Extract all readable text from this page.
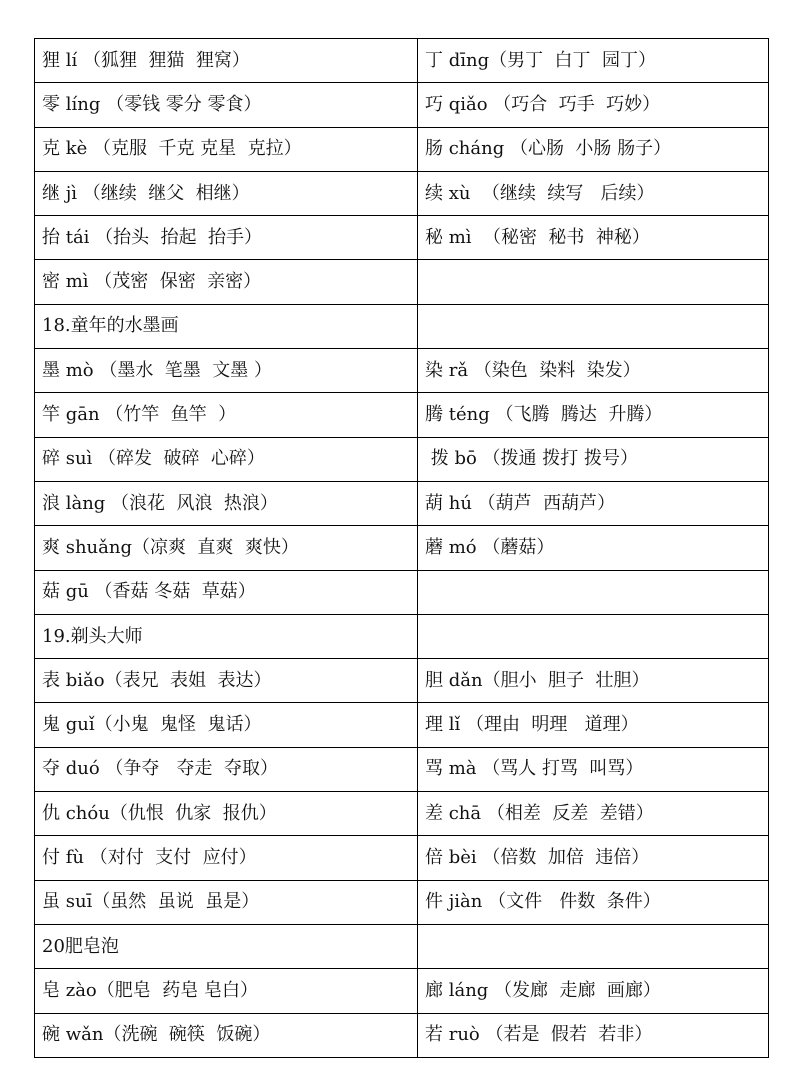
狸 lí （狐狸  狸猫  狸窝）	丁 dīng（男丁  白丁  园丁）
零 líng （零钱 零分 零食）	巧 qiǎo （巧合  巧手  巧妙）
克 kè （克服  千克 克星  克拉）	肠 cháng （心肠  小肠 肠子）
继 jì （继续  继父  相继）	续 xù  （继续  续写   后续）
抬 tái （抬头  抬起  抬手）	秘 mì  （秘密  秘书  神秘）
密 mì （茂密  保密  亲密）	
18.童年的水墨画	
墨 mò （墨水  笔墨  文墨 ）	染 rǎ （染色  染料  染发）
竿 gān （竹竿  鱼竿  ）	腾 téng （飞腾  腾达  升腾）
碎 suì （碎发  破碎  心碎）	拨 bō （拨通 拨打 拨号）
浪 làng （浪花  风浪  热浪）	葫 hú （葫芦  西葫芦）
爽 shuǎng（凉爽  直爽  爽快）	蘑 mó （蘑菇）
菇 gū （香菇 冬菇  草菇）	
19.剃头大师	
表 biǎo（表兄  表姐  表达）	胆 dǎn（胆小  胆子  壮胆）
鬼 guǐ（小鬼  鬼怪  鬼话）	理 lǐ （理由  明理   道理）
夺 duó （争夺   夺走  夺取）	骂 mà （骂人 打骂  叫骂）
仇 chóu（仇恨  仇家  报仇）	差 chā （相差  反差  差错）
付 fù （对付  支付  应付）	倍 bèi （倍数  加倍  违倍）
虽 suī（虽然  虽说  虽是）	件 jiàn （文件   件数  条件）
20肥皂泡	
皂 zào（肥皂  药皂 皂白）	廊 láng （发廊  走廊  画廊）
碗 wǎn（洗碗  碗筷  饭碗）	若 ruò （若是  假若  若非）
